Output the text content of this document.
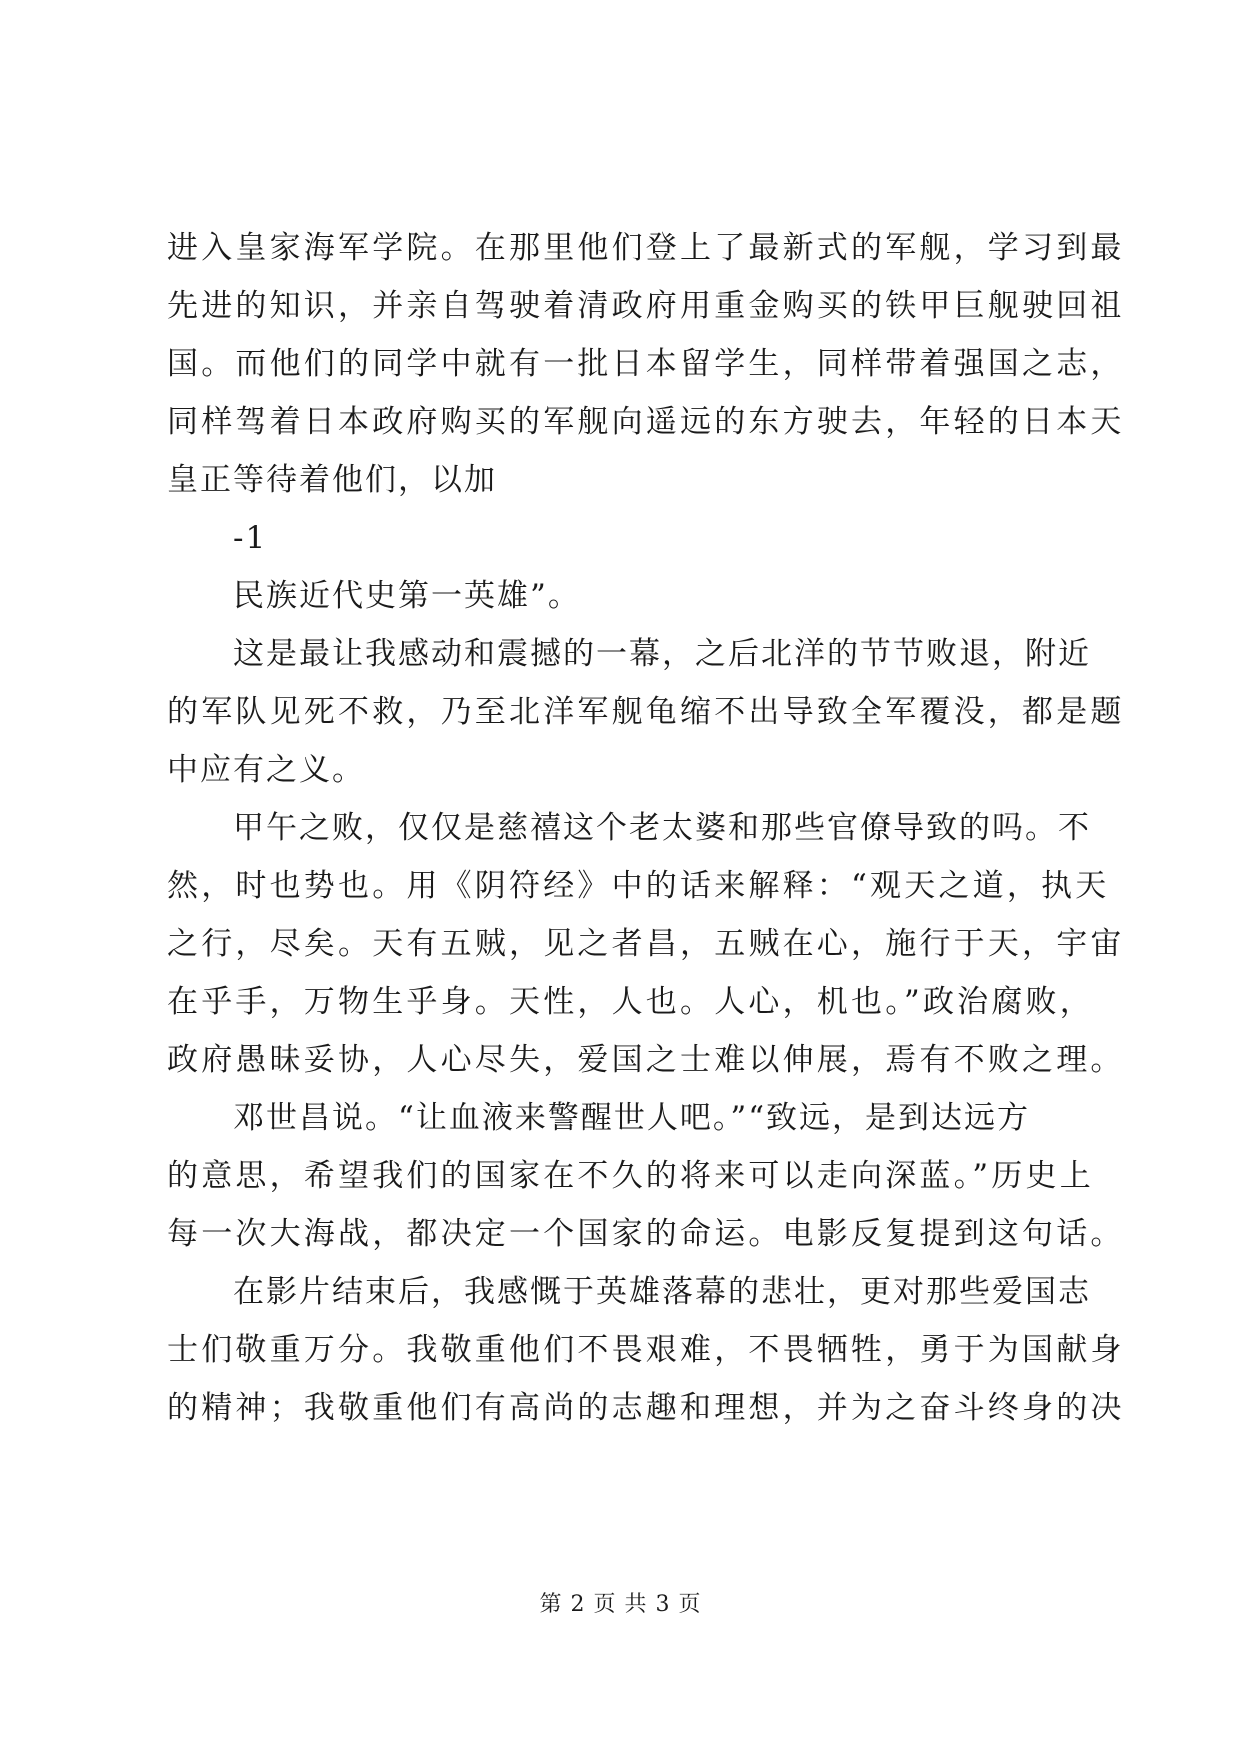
进入皇家海军学院。在那里他们登上了最新式的军舰，学习到最
先进的知识，并亲自驾驶着清政府用重金购买的铁甲巨舰驶回祖
国。而他们的同学中就有一批日本留学生，同样带着强国之志，
同样驾着日本政府购买的军舰向遥远的东方驶去，年轻的日本天
皇正等待着他们，以加
-1
民族近代史第一英雄”。
这是最让我感动和震撼的一幕，之后北洋的节节败退，附近
的军队见死不救，乃至北洋军舰龟缩不出导致全军覆没，都是题
中应有之义。
甲午之败，仅仅是慈禧这个老太婆和那些官僚导致的吗。不
然，时也势也。用《阴符经》中的话来解释：“观天之道，执天
之行，尽矣。天有五贼，见之者昌，五贼在心，施行于天，宇宙
在乎手，万物生乎身。天性，人也。人心，机也。”政治腐败，
政府愚昧妥协，人心尽失，爱国之士难以伸展，焉有不败之理。
邓世昌说。“让血液来警醒世人吧。”“致远，是到达远方
的意思，希望我们的国家在不久的将来可以走向深蓝。”历史上
每一次大海战，都决定一个国家的命运。电影反复提到这句话。
在影片结束后，我感慨于英雄落幕的悲壮，更对那些爱国志
士们敬重万分。我敬重他们不畏艰难，不畏牺牲，勇于为国献身
的精神；我敬重他们有高尚的志趣和理想，并为之奋斗终身的决
第 2 页 共 3 页
